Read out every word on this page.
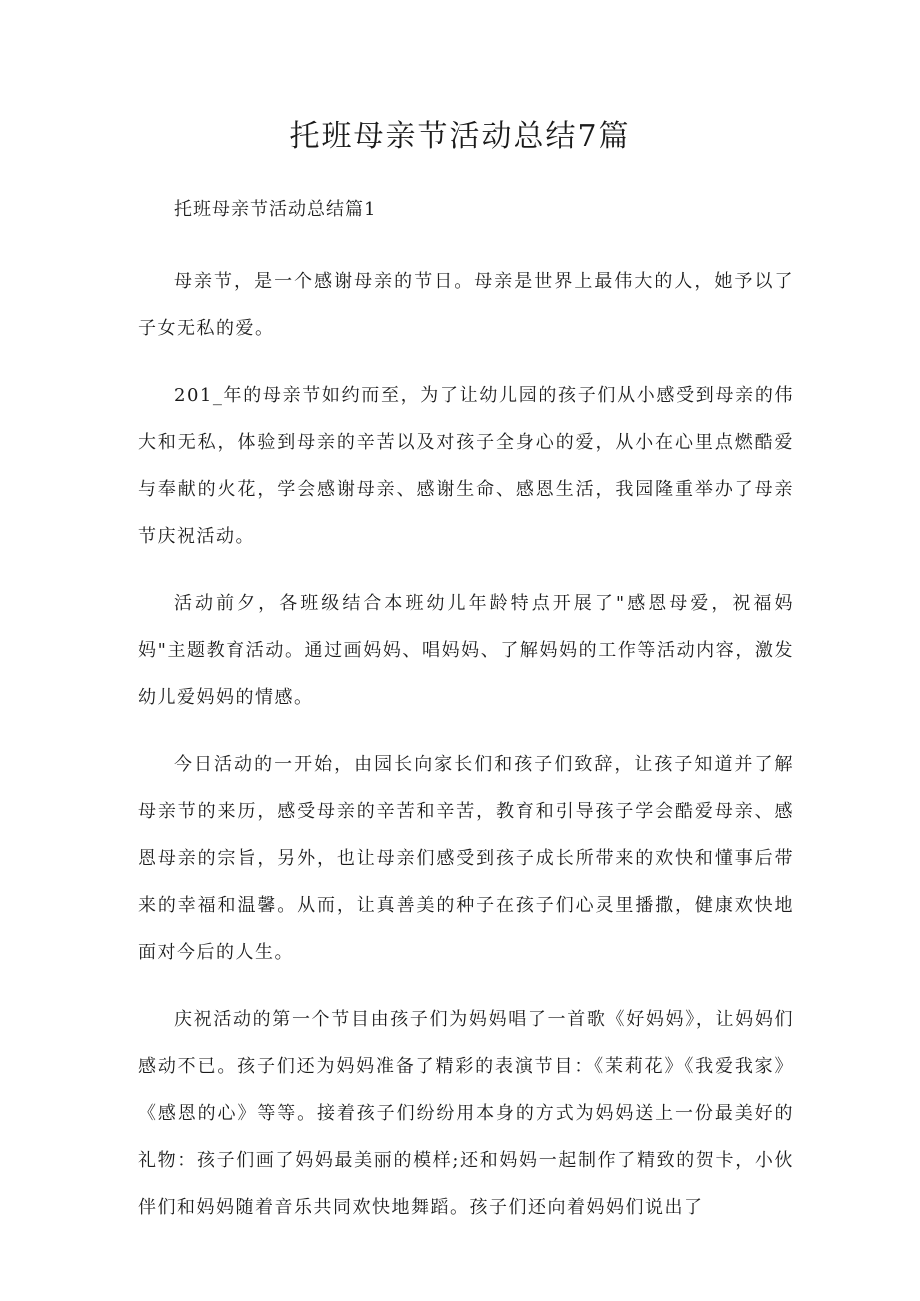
托班母亲节活动总结7篇

托班母亲节活动总结篇1

母亲节，是一个感谢母亲的节日。母亲是世界上最伟大的人，她予以了子女无私的爱。

201_年的母亲节如约而至，为了让幼儿园的孩子们从小感受到母亲的伟大和无私，体验到母亲的辛苦以及对孩子全身心的爱，从小在心里点燃酷爱与奉献的火花，学会感谢母亲、感谢生命、感恩生活，我园隆重举办了母亲节庆祝活动。

活动前夕，各班级结合本班幼儿年龄特点开展了"感恩母爱，祝福妈妈"主题教育活动。通过画妈妈、唱妈妈、了解妈妈的工作等活动内容，激发幼儿爱妈妈的情感。

今日活动的一开始，由园长向家长们和孩子们致辞，让孩子知道并了解母亲节的来历，感受母亲的辛苦和辛苦，教育和引导孩子学会酷爱母亲、感恩母亲的宗旨，另外，也让母亲们感受到孩子成长所带来的欢快和懂事后带来的幸福和温馨。从而，让真善美的种子在孩子们心灵里播撒，健康欢快地面对今后的人生。

庆祝活动的第一个节目由孩子们为妈妈唱了一首歌《好妈妈》，让妈妈们感动不已。孩子们还为妈妈准备了精彩的表演节目：《茉莉花》《我爱我家》《感恩的心》等等。接着孩子们纷纷用本身的方式为妈妈送上一份最美好的礼物：孩子们画了妈妈最美丽的模样;还和妈妈一起制作了精致的贺卡，小伙伴们和妈妈随着音乐共同欢快地舞蹈。孩子们还向着妈妈们说出了
